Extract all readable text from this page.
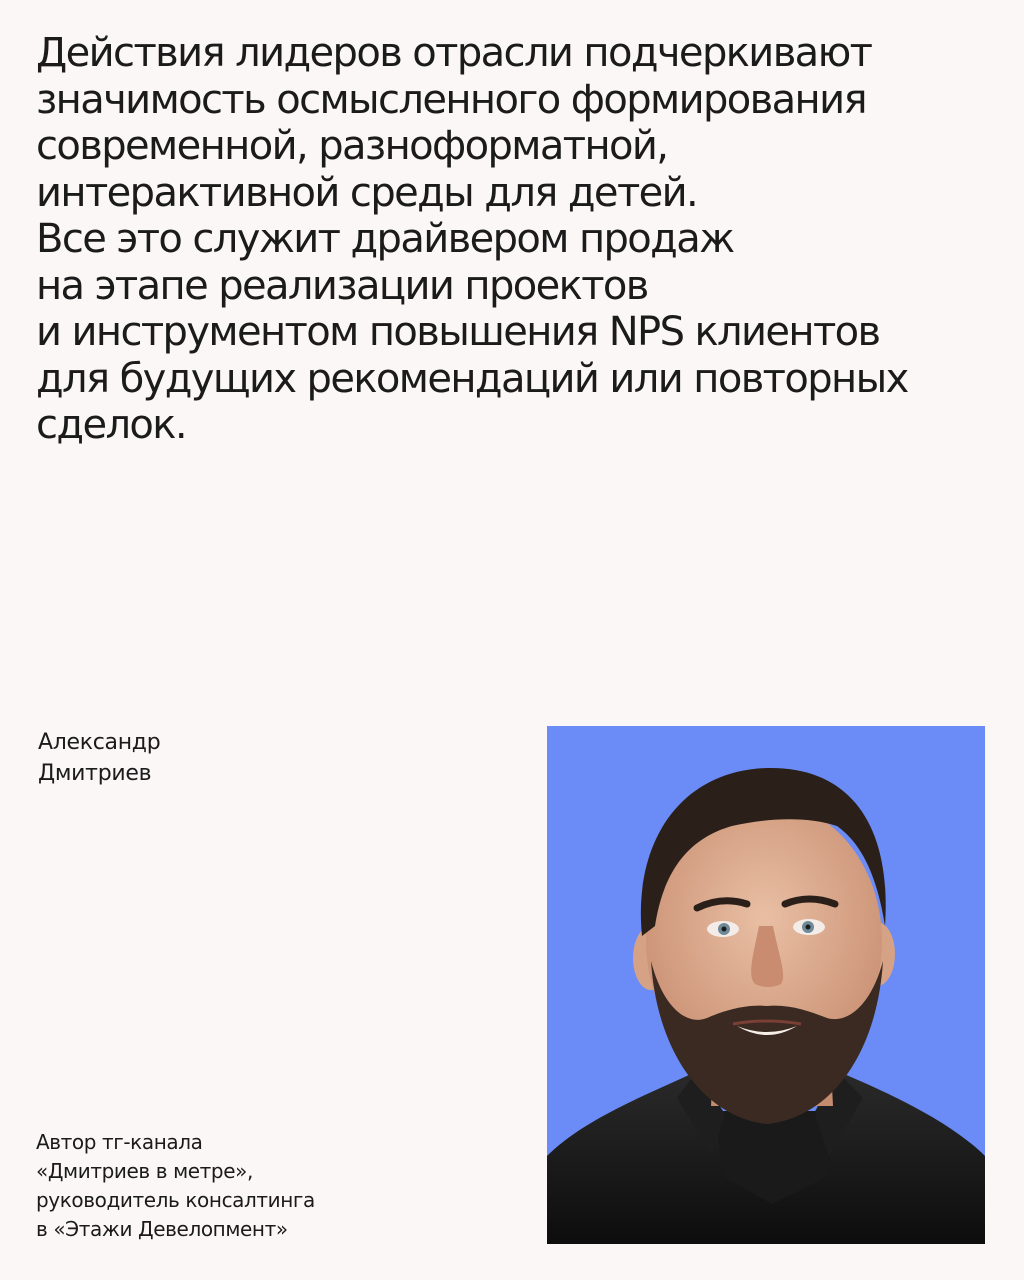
Действия лидеров отрасли подчеркивают
значимость осмысленного формирования
современной, разноформатной,
интерактивной среды для детей.
Все это служит драйвером продаж
на этапе реализации проектов
и инструментом повышения NPS клиентов
для будущих рекомендаций или повторных
сделок.
Александр
Дмитриев
Автор тг-канала
«Дмитриев в метре»,
руководитель консалтинга
в «Этажи Девелопмент»
